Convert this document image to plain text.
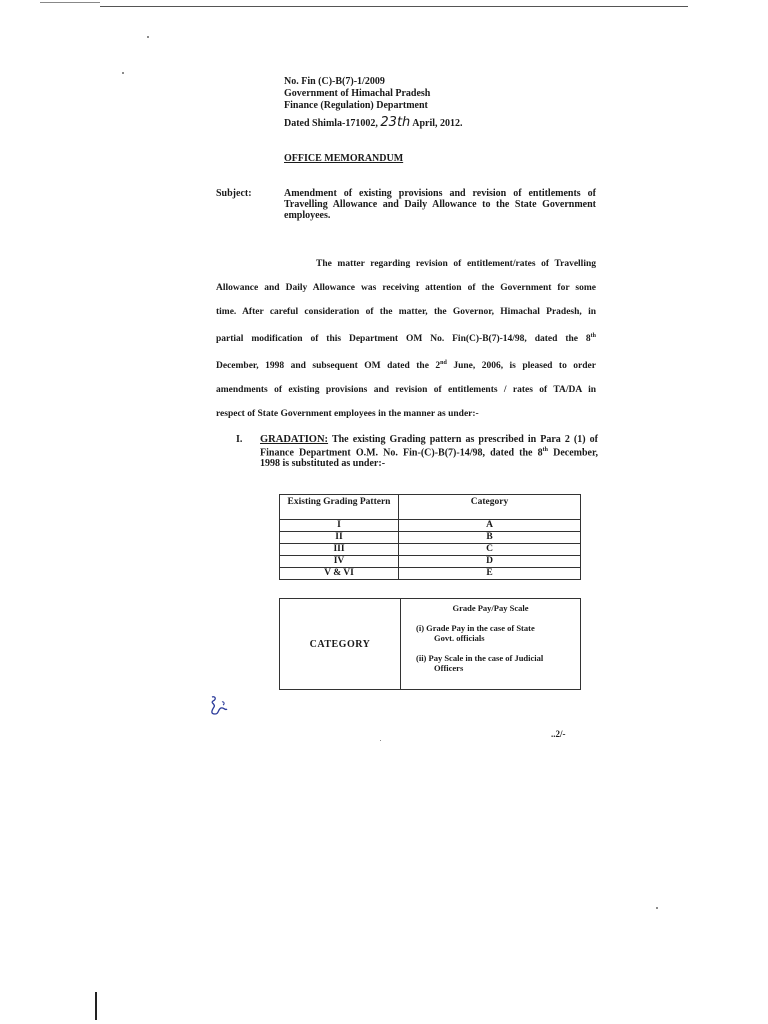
No. Fin (C)-B(7)-1/2009
Government of Himachal Pradesh
Finance (Regulation) Department
Dated Shimla-171002, 23th April, 2012.
OFFICE MEMORANDUM
Subject:	Amendment of existing provisions and revision of entitlements of Travelling Allowance and Daily Allowance to the State Government employees.

The matter regarding revision of entitlement/rates of Travelling

Allowance and Daily Allowance was receiving attention of the Government for some

time. After careful consideration of the matter, the Governor, Himachal Pradesh, in

partial modification of this Department OM No. Fin(C)-B(7)-14/98, dated the 8th

December, 1998 and subsequent OM dated the 2nd June, 2006, is pleased to order

amendments of existing provisions and revision of entitlements / rates of TA/DA in

respect of State Government employees in the manner as under:-

I. GRADATION: The existing Grading pattern as prescribed in Para 2 (1) of Finance Department O.M. No. Fin-(C)-B(7)-14/98, dated the 8th December, 1998 is substituted as under:-
Existing Grading Pattern	Category
I	A
II	B
III	C
IV	D
V & VI	E
CATEGORY	
Grade Pay/Pay Scale
(i) Grade Pay in the case of State
Govt. officials
(ii) Pay Scale in the case of Judicial
Officers
..2/-
